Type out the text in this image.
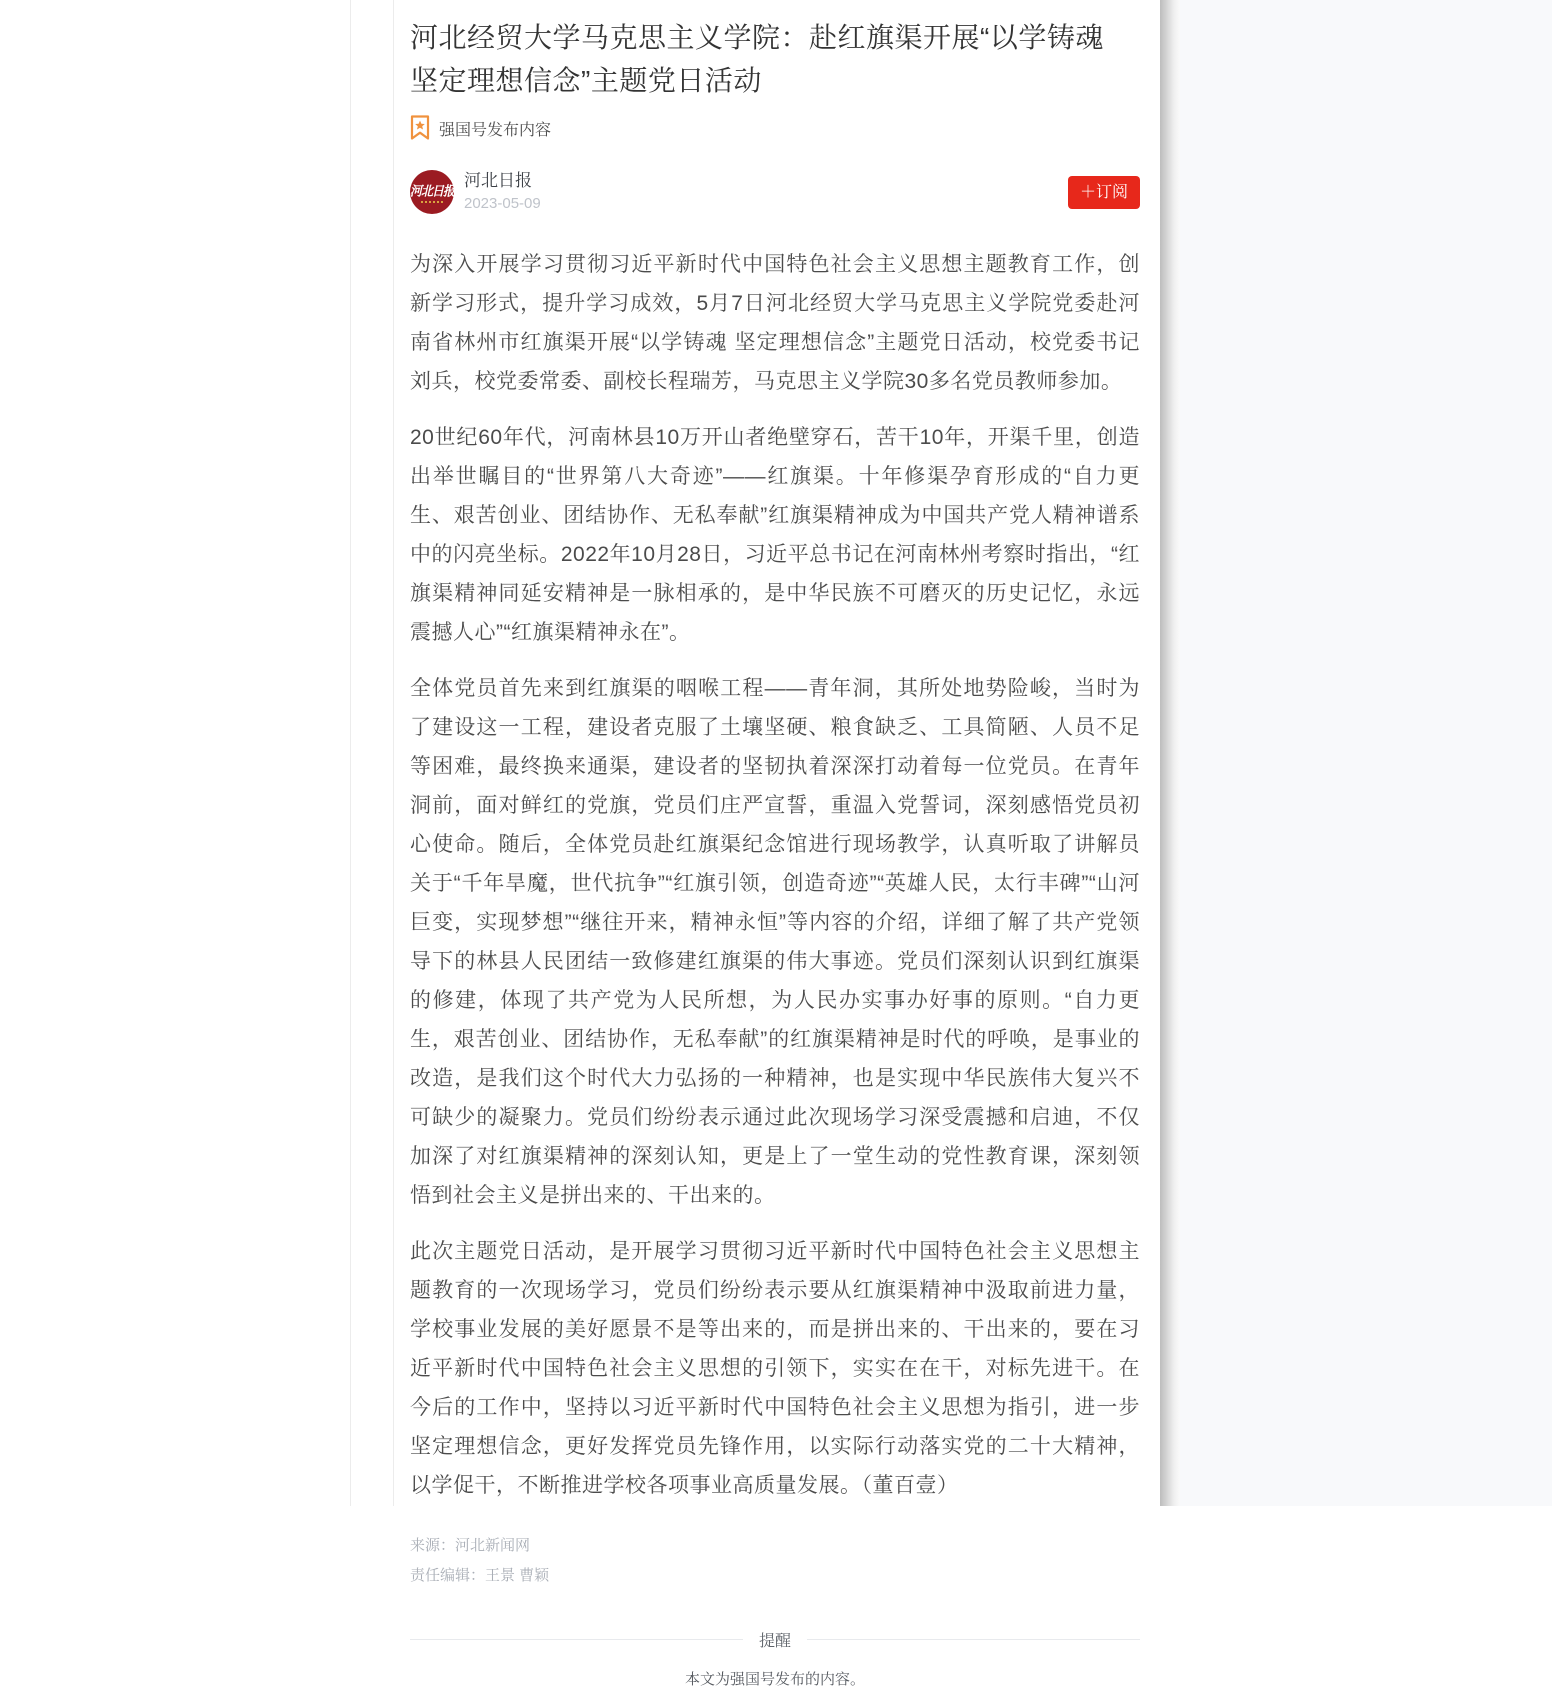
河北经贸大学马克思主义学院：赴红旗渠开展“以学铸魂 坚定理想信念”主题党日活动
强国号发布内容
河北日报
河北日报
2023-05-09
＋订阅

为深入开展学习贯彻习近平新时代中国特色社会主义思想主题教育工作，创新学习形式，提升学习成效，5月7日河北经贸大学马克思主义学院党委赴河南省林州市红旗渠开展“以学铸魂 坚定理想信念”主题党日活动，校党委书记刘兵，校党委常委、副校长程瑞芳，马克思主义学院30多名党员教师参加。

20世纪60年代，河南林县10万开山者绝壁穿石，苦干10年，开渠千里，创造出举世瞩目的“世界第八大奇迹”——红旗渠。十年修渠孕育形成的“自力更生、艰苦创业、团结协作、无私奉献”红旗渠精神成为中国共产党人精神谱系中的闪亮坐标。2022年10月28日，习近平总书记在河南林州考察时指出，“红旗渠精神同延安精神是一脉相承的，是中华民族不可磨灭的历史记忆，永远震撼人心”“红旗渠精神永在”。

全体党员首先来到红旗渠的咽喉工程——青年洞，其所处地势险峻，当时为了建设这一工程，建设者克服了土壤坚硬、粮食缺乏、工具简陋、人员不足等困难，最终换来通渠，建设者的坚韧执着深深打动着每一位党员。在青年洞前，面对鲜红的党旗，党员们庄严宣誓，重温入党誓词，深刻感悟党员初心使命。随后，全体党员赴红旗渠纪念馆进行现场教学，认真听取了讲解员关于“千年旱魔，世代抗争”“红旗引领，创造奇迹”“英雄人民，太行丰碑”“山河巨变，实现梦想”“继往开来，精神永恒”等内容的介绍，详细了解了共产党领导下的林县人民团结一致修建红旗渠的伟大事迹。党员们深刻认识到红旗渠的修建，体现了共产党为人民所想，为人民办实事办好事的原则。“自力更生，艰苦创业、团结协作，无私奉献”的红旗渠精神是时代的呼唤，是事业的改造，是我们这个时代大力弘扬的一种精神，也是实现中华民族伟大复兴不可缺少的凝聚力。党员们纷纷表示通过此次现场学习深受震撼和启迪，不仅加深了对红旗渠精神的深刻认知，更是上了一堂生动的党性教育课，深刻领悟到社会主义是拼出来的、干出来的。

此次主题党日活动，是开展学习贯彻习近平新时代中国特色社会主义思想主题教育的一次现场学习，党员们纷纷表示要从红旗渠精神中汲取前进力量，学校事业发展的美好愿景不是等出来的，而是拼出来的、干出来的，要在习近平新时代中国特色社会主义思想的引领下，实实在在干，对标先进干。在今后的工作中，坚持以习近平新时代中国特色社会主义思想为指引，进一步坚定理想信念，更好发挥党员先锋作用，以实际行动落实党的二十大精神，以学促干，不断推进学校各项事业高质量发展。（董百壹）

来源：河北新闻网
责任编辑：王景 曹颖
提醒
本文为强国号发布的内容。
